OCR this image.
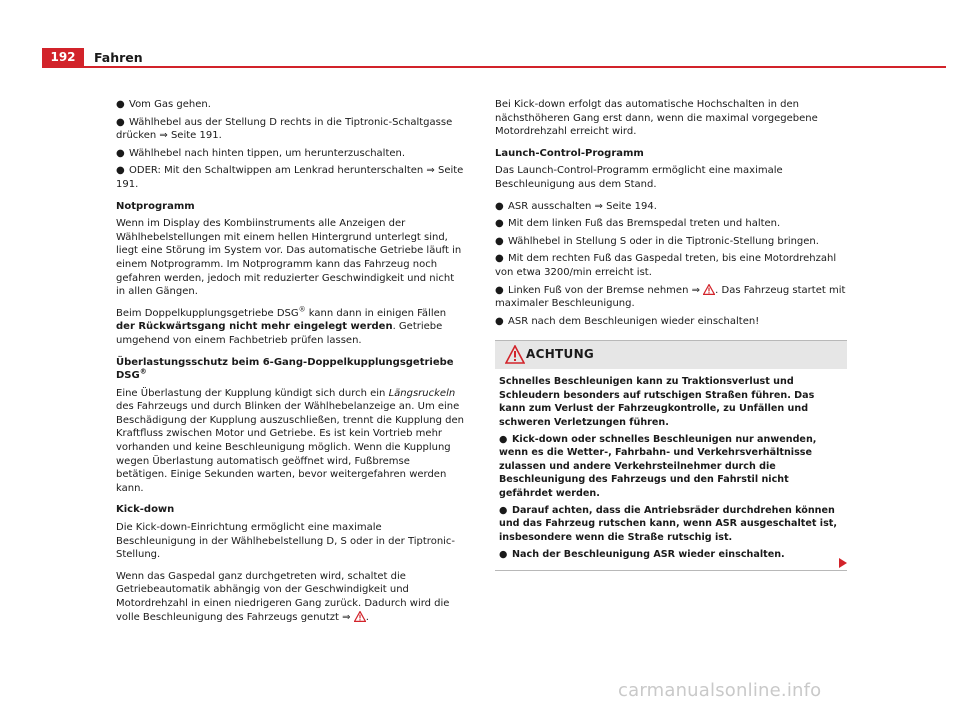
192	Fahren

● Vom Gas gehen.

● Wählhebel aus der Stellung D rechts in die Tiptronic-Schaltgasse drücken ⇒ Seite 191.

● Wählhebel nach hinten tippen, um herunterzuschalten.

● ODER: Mit den Schaltwippen am Lenkrad herunterschalten ⇒ Seite 191.

Notprogramm

Wenn im Display des Kombiinstruments alle Anzeigen der Wählhebelstellungen mit einem hellen Hintergrund unterlegt sind, liegt eine Störung im System vor. Das automatische Getriebe läuft in einem Notprogramm. Im Notprogramm kann das Fahrzeug noch gefahren werden, jedoch mit reduzierter Geschwindigkeit und nicht in allen Gängen.

Beim Doppelkupplungsgetriebe DSG® kann dann in einigen Fällen der Rückwärtsgang nicht mehr eingelegt werden. Getriebe umgehend von einem Fachbetrieb prüfen lassen.

Überlastungsschutz beim 6-Gang-Doppelkupplungsgetriebe DSG®

Eine Überlastung der Kupplung kündigt sich durch ein Längsruckeln des Fahrzeugs und durch Blinken der Wählhebelanzeige an. Um eine Beschädigung der Kupplung auszuschließen, trennt die Kupplung den Kraftfluss zwischen Motor und Getriebe. Es ist kein Vortrieb mehr vorhanden und keine Beschleunigung möglich. Wenn die Kupplung wegen Überlastung automatisch geöffnet wird, Fußbremse betätigen. Einige Sekunden warten, bevor weitergefahren werden kann.

Kick-down

Die Kick-down-Einrichtung ermöglicht eine maximale Beschleunigung in der Wählhebelstellung D, S oder in der Tiptronic-Stellung.

Wenn das Gaspedal ganz durchgetreten wird, schaltet die Getriebeautomatik abhängig von der Geschwindigkeit und Motordrehzahl in einen niedrigeren Gang zurück. Dadurch wird die volle Beschleunigung des Fahrzeugs genutzt ⇒ .

Bei Kick-down erfolgt das automatische Hochschalten in den nächsthöheren Gang erst dann, wenn die maximal vorgegebene Motordrehzahl erreicht wird.

Launch-Control-Programm

Das Launch-Control-Programm ermöglicht eine maximale Beschleunigung aus dem Stand.

● ASR ausschalten ⇒ Seite 194.

● Mit dem linken Fuß das Bremspedal treten und halten.

● Wählhebel in Stellung S oder in die Tiptronic-Stellung bringen.

● Mit dem rechten Fuß das Gaspedal treten, bis eine Motordrehzahl von etwa 3200/min erreicht ist.

● Linken Fuß von der Bremse nehmen ⇒ . Das Fahrzeug startet mit maximaler Beschleunigung.

● ASR nach dem Beschleunigen wieder einschalten!

ACHTUNG

Schnelles Beschleunigen kann zu Traktionsverlust und Schleudern besonders auf rutschigen Straßen führen. Das kann zum Verlust der Fahrzeugkontrolle, zu Unfällen und schweren Verletzungen führen.

● Kick-down oder schnelles Beschleunigen nur anwenden, wenn es die Wetter-, Fahrbahn- und Verkehrsverhältnisse zulassen und andere Verkehrsteilnehmer durch die Beschleunigung des Fahrzeugs und den Fahrstil nicht gefährdet werden.

● Darauf achten, dass die Antriebsräder durchdrehen können und das Fahrzeug rutschen kann, wenn ASR ausgeschaltet ist, insbesondere wenn die Straße rutschig ist.

● Nach der Beschleunigung ASR wieder einschalten.

carmanualsonline.info
